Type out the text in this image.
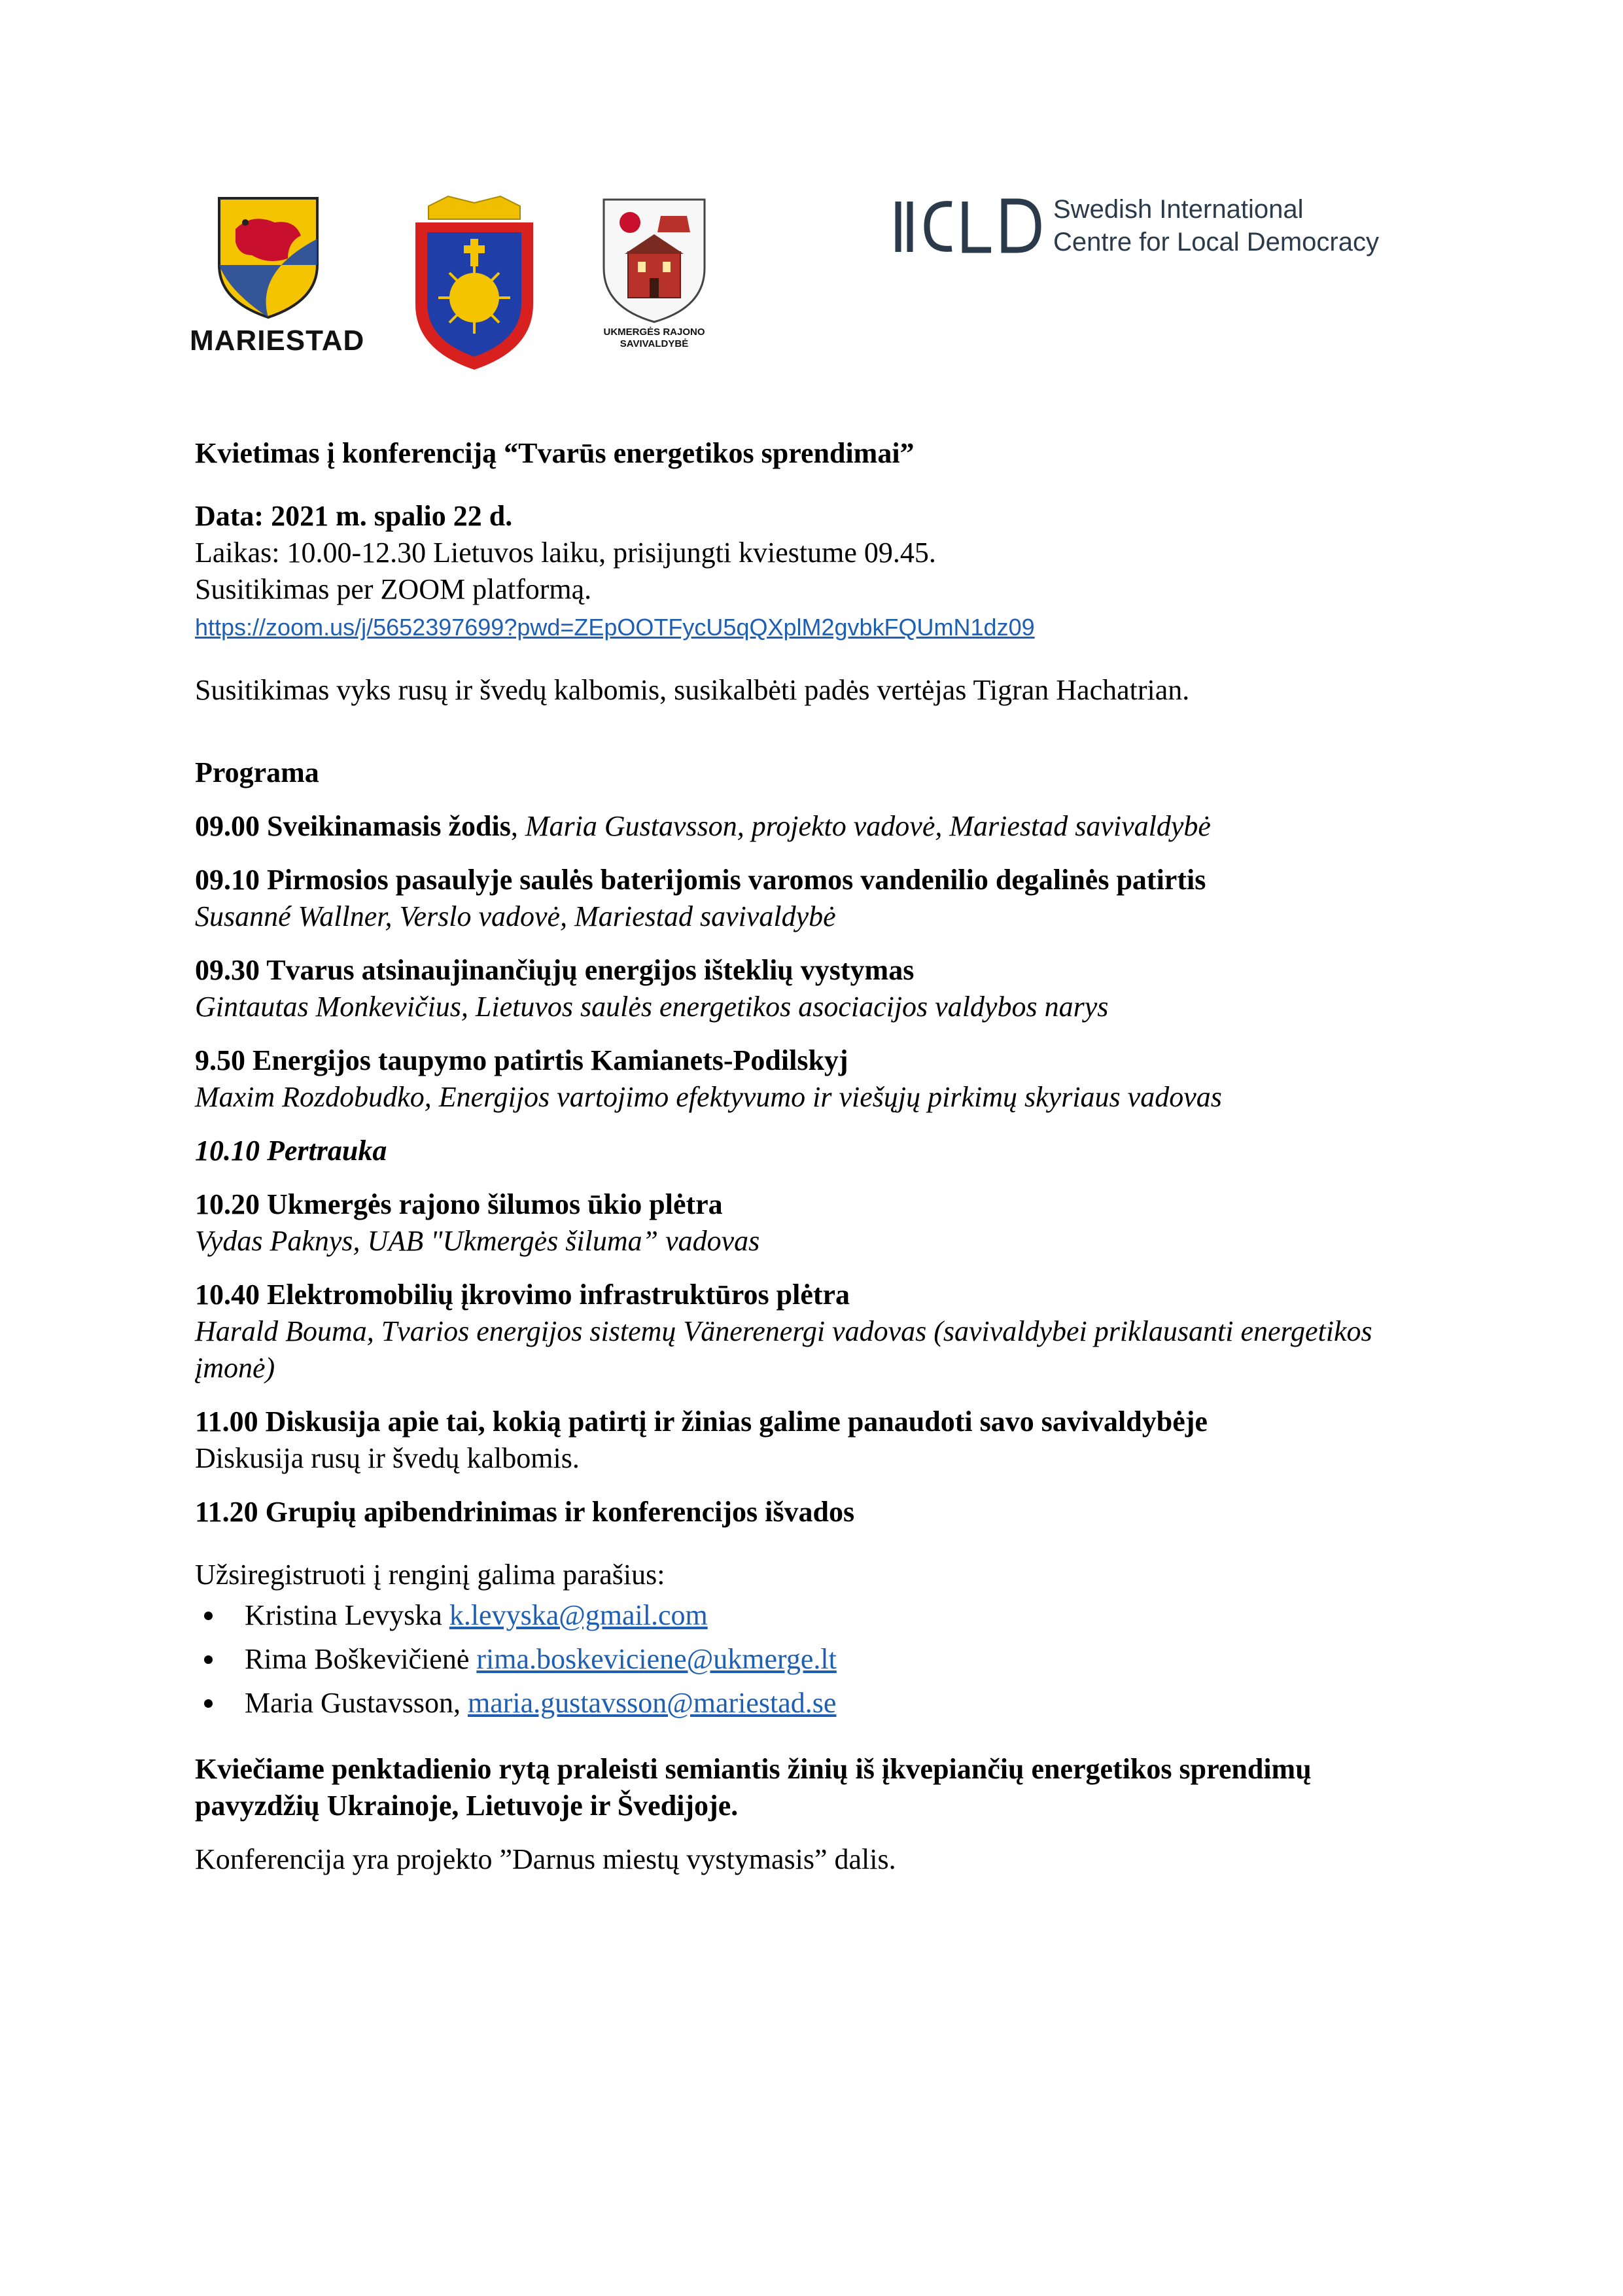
MARIESTAD	UKMERGĖS RAJONO
SAVIVALDYBĖ
Swedish International
Centre for Local Democracy

Kvietimas į konferenciją “Tvarūs energetikos sprendimai”

Data: 2021 m. spalio 22 d.

Laikas: 10.00-12.30 Lietuvos laiku, prisijungti kviestume 09.45.

Susitikimas per ZOOM platformą.

https://zoom.us/j/5652397699?pwd=ZEpOOTFycU5qQXplM2gvbkFQUmN1dz09

Susitikimas vyks rusų ir švedų kalbomis, susikalbėti padės vertėjas Tigran Hachatrian.

Programa

09.00 Sveikinamasis žodis, Maria Gustavsson, projekto vadovė, Mariestad savivaldybė

09.10 Pirmosios pasaulyje saulės baterijomis varomos vandenilio degalinės patirtis

Susanné Wallner, Verslo vadovė, Mariestad savivaldybė

09.30 Tvarus atsinaujinančiųjų energijos išteklių vystymas

Gintautas Monkevičius, Lietuvos saulės energetikos asociacijos valdybos narys

9.50 Energijos taupymo patirtis Kamianets-Podilskyj

Maxim Rozdobudko, Energijos vartojimo efektyvumo ir viešųjų pirkimų skyriaus vadovas

10.10 Pertrauka

10.20 Ukmergės rajono šilumos ūkio plėtra

Vydas Paknys, UAB "Ukmergės šiluma” vadovas

10.40 Elektromobilių įkrovimo infrastruktūros plėtra

Harald Bouma, Tvarios energijos sistemų Vänerenergi vadovas (savivaldybei priklausanti energetikos

įmonė)

11.00 Diskusija apie tai, kokią patirtį ir žinias galime panaudoti savo savivaldybėje

Diskusija rusų ir švedų kalbomis.

11.20 Grupių apibendrinimas ir konferencijos išvados

Užsiregistruoti į renginį galima parašius:

Kristina Levyska k.levyska@gmail.com
Rima Boškevičienė rima.boskeviciene@ukmerge.lt
Maria Gustavsson, maria.gustavsson@mariestad.se

Kviečiame penktadienio rytą praleisti semiantis žinių iš įkvepiančių energetikos sprendimų

pavyzdžių Ukrainoje, Lietuvoje ir Švedijoje.

Konferencija yra projekto ”Darnus miestų vystymasis” dalis.
